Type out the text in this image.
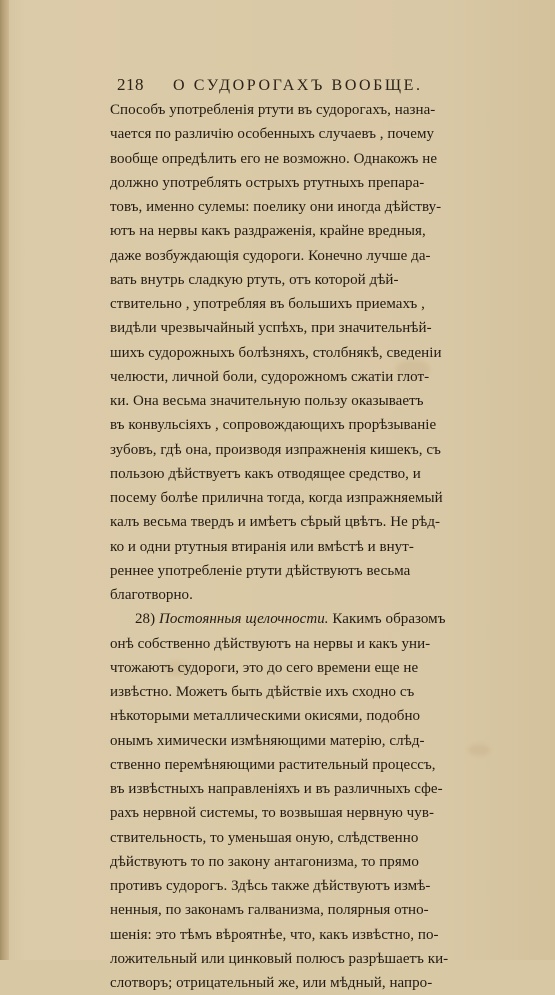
218	О СУДОРОГАХЪ ВООБЩЕ.
Способъ употребленія ртути въ судорогахъ, назна-
чается по различію особенныхъ случаевъ , почему
вообще опредѣлить его не возможно. Однакожъ не
должно употреблять острыхъ ртутныхъ препара-
товъ, именно сулемы: поелику они иногда дѣйству-
ютъ на нервы какъ раздраженія, крайне вредныя,
даже возбуждающія судороги. Конечно лучше да-
вать внутрь сладкую ртуть, отъ которой дѣй-
ствительно , употребляя въ большихъ приемахъ ,
видѣли чрезвычайный успѣхъ, при значительнѣй-
шихъ судорожныхъ болѣзняхъ, столбнякѣ, сведеніи
челюсти, личной боли, судорожномъ сжатіи глот-
ки. Она весьма значительную пользу оказываетъ
въ конвульсіяхъ , сопровождающихъ прорѣзываніе
зубовъ, гдѣ она, производя изпражненія кишекъ, съ
пользою дѣйствуетъ какъ отводящее средство, и
посему болѣе прилична тогда, когда изпражняемый
калъ весьма твердъ и имѣетъ сѣрый цвѣтъ. Не рѣд-
ко и одни ртутныя втиранія или вмѣстѣ и внут-
реннее употребленіе ртути дѣйствуютъ весьма
благотворно.
28) Постоянныя щелочности. Какимъ образомъ
онѣ собственно дѣйствуютъ на нервы и какъ уни-
чтожаютъ судороги, это до сего времени еще не
извѣстно. Можетъ быть дѣйствіе ихъ сходно съ
нѣкоторыми металлическими окисями, подобно
онымъ химически измѣняющими матерію, слѣд-
ственно перемѣняющими растительный процессъ,
въ извѣстныхъ направленіяхъ и въ различныхъ сфе-
рахъ нервной системы, то возвышая нервную чув-
ствительность, то уменьшая оную, слѣдственно
дѣйствуютъ то по закону антагонизма, то прямо
противъ судорогъ. Здѣсь также дѣйствуютъ измѣ-
ненныя, по законамъ галванизма, полярныя отно-
шенія: это тѣмъ вѣроятнѣе, что, какъ извѣстно, по-
ложительный или цинковый полюсъ разрѣшаетъ ки-
слотворъ; отрицательный же, или мѣдный, напро-
